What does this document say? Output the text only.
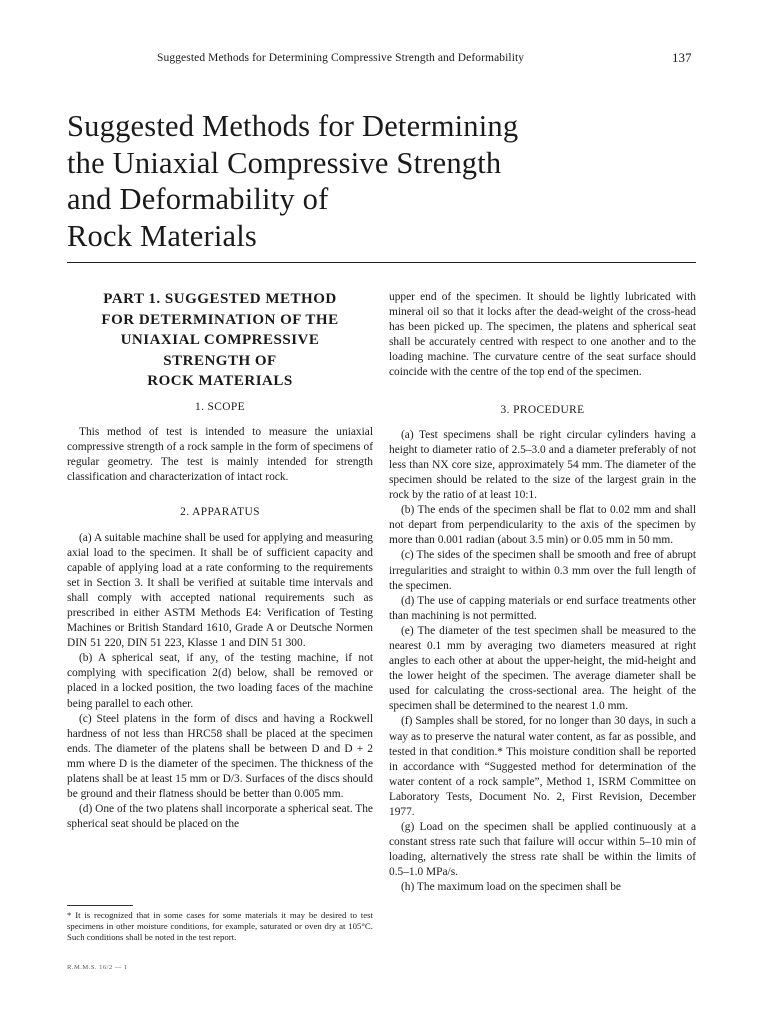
Suggested Methods for Determining Compressive Strength and Deformability	137
Suggested Methods for Determining
the Uniaxial Compressive Strength
and Deformability of
Rock Materials
PART 1. SUGGESTED METHOD
FOR DETERMINATION OF THE
UNIAXIAL COMPRESSIVE
STRENGTH OF
ROCK MATERIALS
1. SCOPE

This method of test is intended to measure the uniaxial compressive strength of a rock sample in the form of specimens of regular geometry. The test is mainly intended for strength classification and characterization of intact rock.

2. APPARATUS

(a) A suitable machine shall be used for applying and measuring axial load to the specimen. It shall be of sufficient capacity and capable of applying load at a rate conforming to the requirements set in Section 3. It shall be verified at suitable time intervals and shall comply with accepted national requirements such as prescribed in either ASTM Methods E4: Verification of Testing Machines or British Standard 1610, Grade A or Deutsche Normen DIN 51 220, DIN 51 223, Klasse 1 and DIN 51 300.

(b) A spherical seat, if any, of the testing machine, if not complying with specification 2(d) below, shall be removed or placed in a locked position, the two loading faces of the machine being parallel to each other.

(c) Steel platens in the form of discs and having a Rockwell hardness of not less than HRC58 shall be placed at the specimen ends. The diameter of the platens shall be between D and D + 2 mm where D is the diameter of the specimen. The thickness of the platens shall be at least 15 mm or D/3. Surfaces of the discs should be ground and their flatness should be better than 0.005 mm.

(d) One of the two platens shall incorporate a spherical seat. The spherical seat should be placed on the

upper end of the specimen. It should be lightly lubricated with mineral oil so that it locks after the dead-weight of the cross-head has been picked up. The specimen, the platens and spherical seat shall be accurately centred with respect to one another and to the loading machine. The curvature centre of the seat surface should coincide with the centre of the top end of the specimen.

3. PROCEDURE

(a) Test specimens shall be right circular cylinders having a height to diameter ratio of 2.5–3.0 and a diameter preferably of not less than NX core size, approximately 54 mm. The diameter of the specimen should be related to the size of the largest grain in the rock by the ratio of at least 10:1.

(b) The ends of the specimen shall be flat to 0.02 mm and shall not depart from perpendicularity to the axis of the specimen by more than 0.001 radian (about 3.5 min) or 0.05 mm in 50 mm.

(c) The sides of the specimen shall be smooth and free of abrupt irregularities and straight to within 0.3 mm over the full length of the specimen.

(d) The use of capping materials or end surface treatments other than machining is not permitted.

(e) The diameter of the test specimen shall be measured to the nearest 0.1 mm by averaging two diameters measured at right angles to each other at about the upper-height, the mid-height and the lower height of the specimen. The average diameter shall be used for calculating the cross-sectional area. The height of the specimen shall be determined to the nearest 1.0 mm.

(f) Samples shall be stored, for no longer than 30 days, in such a way as to preserve the natural water content, as far as possible, and tested in that condition.* This moisture condition shall be reported in accordance with “Suggested method for determination of the water content of a rock sample”, Method 1, ISRM Committee on Laboratory Tests, Document No. 2, First Revision, December 1977.

(g) Load on the specimen shall be applied continuously at a constant stress rate such that failure will occur within 5–10 min of loading, alternatively the stress rate shall be within the limits of 0.5–1.0 MPa/s.

(h) The maximum load on the specimen shall be

* It is recognized that in some cases for some materials it may be desired to test specimens in other moisture conditions, for example, saturated or oven dry at 105°C. Such conditions shall be noted in the test report.

R.M.M.S. 16/2 — 1
